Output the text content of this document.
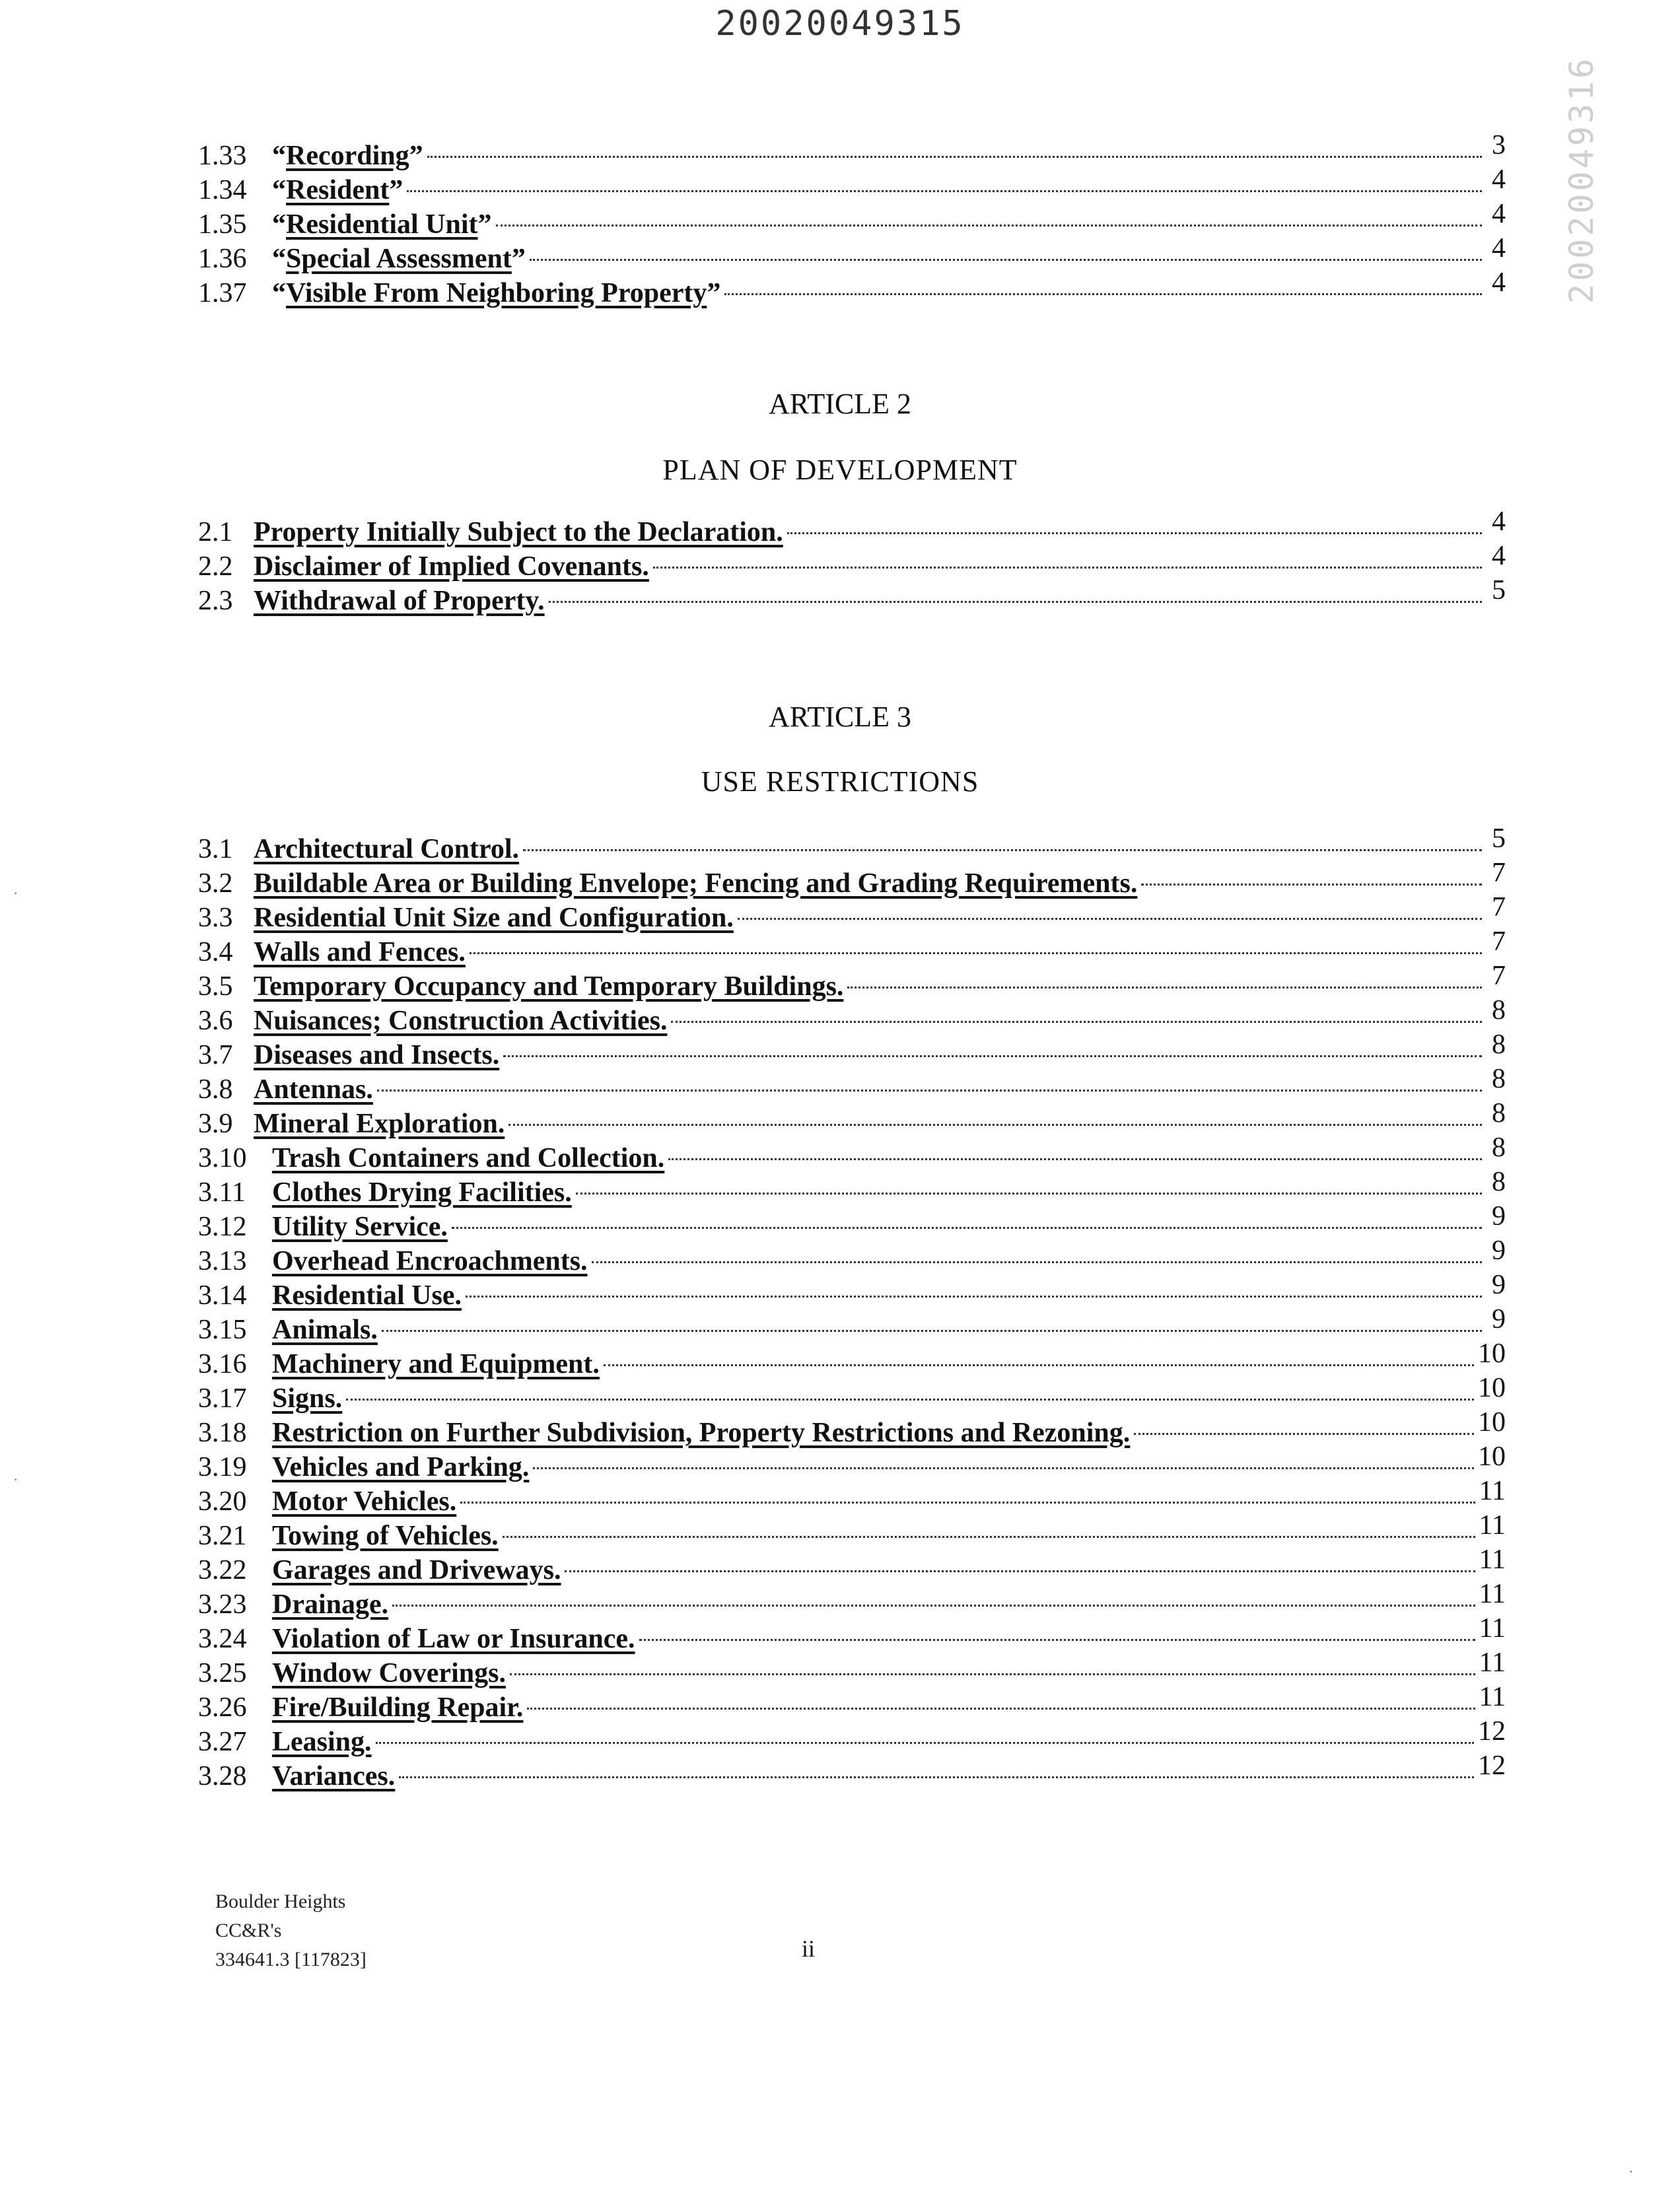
20020049315
20020049316
1.33 “ Recording ”	3
1.34 “ Resident ”	4
1.35 “ Residential Unit ”	4
1.36 “ Special Assessment ”	4
1.37 “ Visible From Neighboring Property ”	4
ARTICLE 2
PLAN OF DEVELOPMENT
2.1 Property Initially Subject to the Declaration.	4
2.2 Disclaimer of Implied Covenants.	4
2.3 Withdrawal of Property.	5
ARTICLE 3
USE RESTRICTIONS
3.1 Architectural Control.	5
3.2 Buildable Area or Building Envelope; Fencing and Grading Requirements.	7
3.3 Residential Unit Size and Configuration.	7
3.4 Walls and Fences.	7
3.5 Temporary Occupancy and Temporary Buildings.	7
3.6 Nuisances; Construction Activities.	8
3.7 Diseases and Insects.	8
3.8 Antennas.	8
3.9 Mineral Exploration.	8
3.10 Trash Containers and Collection.	8
3.11 Clothes Drying Facilities.	8
3.12 Utility Service.	9
3.13 Overhead Encroachments.	9
3.14 Residential Use.	9
3.15 Animals.	9
3.16 Machinery and Equipment.	10
3.17 Signs.	10
3.18 Restriction on Further Subdivision, Property Restrictions and Rezoning.	10
3.19 Vehicles and Parking.	10
3.20 Motor Vehicles.	11
3.21 Towing of Vehicles.	11
3.22 Garages and Driveways.	11
3.23 Drainage.	11
3.24 Violation of Law or Insurance.	11
3.25 Window Coverings.	11
3.26 Fire/Building Repair.	11
3.27 Leasing.	12
3.28 Variances.	12
Boulder Heights
CC&R's
334641.3 [117823]	ii
·
·
·
